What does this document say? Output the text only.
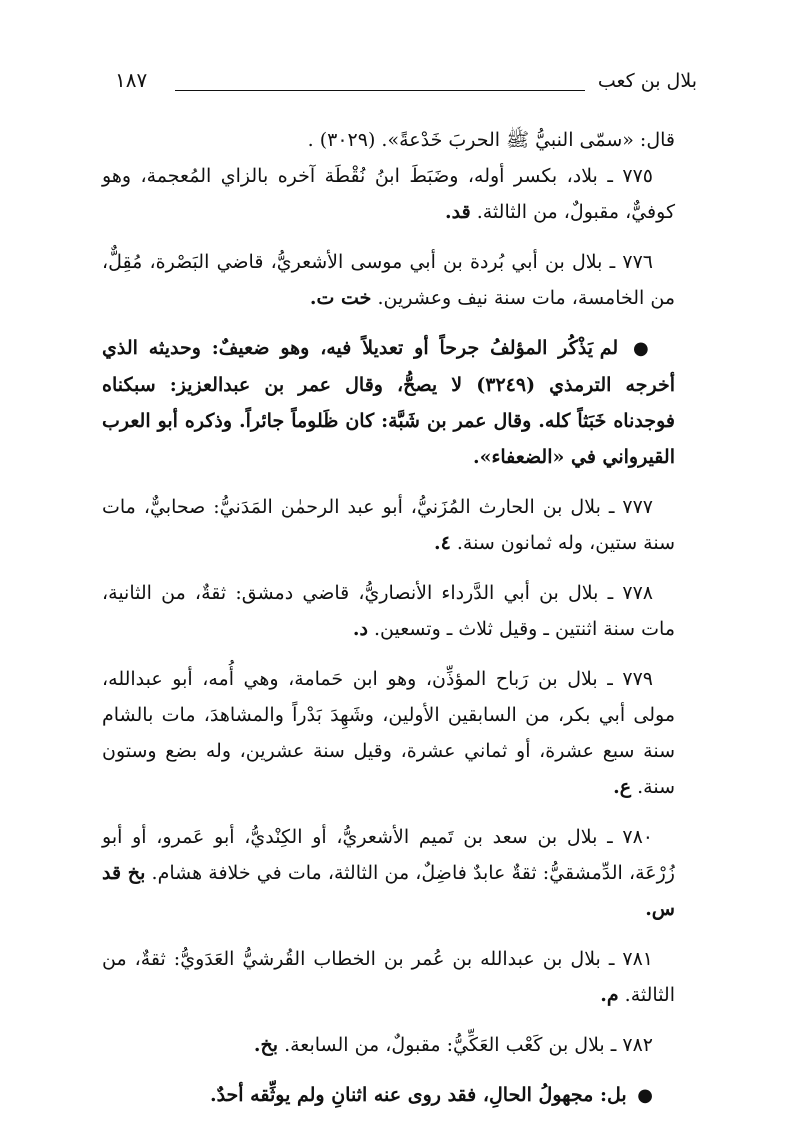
بلال بن كعب
١٨٧

قال: «سمّى النبيُّ ﷺ الحربَ خَدْعةً». (٣٠٢٩) .

٧٧٥ ـ بلاد، بكسر أوله، وضَبَطَ ابنُ نُقْطَة آخره بالزاي المُعجمة، وهو كوفيٌّ، مقبولٌ، من الثالثة. قد.

٧٧٦ ـ بلال بن أبي بُردة بن أبي موسى الأشعريُّ، قاضي البَصْرة، مُقِلٌّ، من الخامسة، مات سنة نيف وعشرين. خت ت.

● لم يَذْكُر المؤلفُ جرحاً أو تعديلاً فيه، وهو ضعيفٌ: وحديثه الذي أخرجه الترمذي (٣٢٤٩) لا يصحُّ، وقال عمر بن عبدالعزيز: سبكناه فوجدناه خَبَثاً كله. وقال عمر بن شَبَّة: كان ظَلوماً جائراً. وذكره أبو العرب القيرواني في «الضعفاء».

٧٧٧ ـ بلال بن الحارث المُزَنيُّ، أبو عبد الرحمٰن المَدَنيُّ: صحابيٌّ، مات سنة ستين، وله ثمانون سنة. ٤.

٧٧٨ ـ بلال بن أبي الدَّرداء الأنصاريُّ، قاضي دمشق: ثقةٌ، من الثانية، مات سنة اثنتين ـ وقيل ثلاث ـ وتسعين. د.

٧٧٩ ـ بلال بن رَباح المؤذِّن، وهو ابن حَمامة، وهي أُمه، أبو عبدالله، مولى أبي بكر، من السابقين الأولين، وشَهِدَ بَدْراً والمشاهدَ، مات بالشام سنة سبع عشرة، أو ثماني عشرة، وقيل سنة عشرين، وله بضع وستون سنة. ع.

٧٨٠ ـ بلال بن سعد بن تَميم الأشعريُّ، أو الكِنْديُّ، أبو عَمرو، أو أبو زُرْعَة، الدِّمشقيُّ: ثقةٌ عابدٌ فاضِلٌ، من الثالثة، مات في خلافة هشام. بخ قد س.

٧٨١ ـ بلال بن عبدالله بن عُمر بن الخطاب القُرشيُّ العَدَويُّ: ثقةٌ، من الثالثة. م.

٧٨٢ ـ بلال بن كَعْب العَكِّيُّ: مقبولٌ، من السابعة. بخ.

● بل: مجهولُ الحالِ، فقد روى عنه اثنانِ ولم يوثِّقه أحدٌ.
